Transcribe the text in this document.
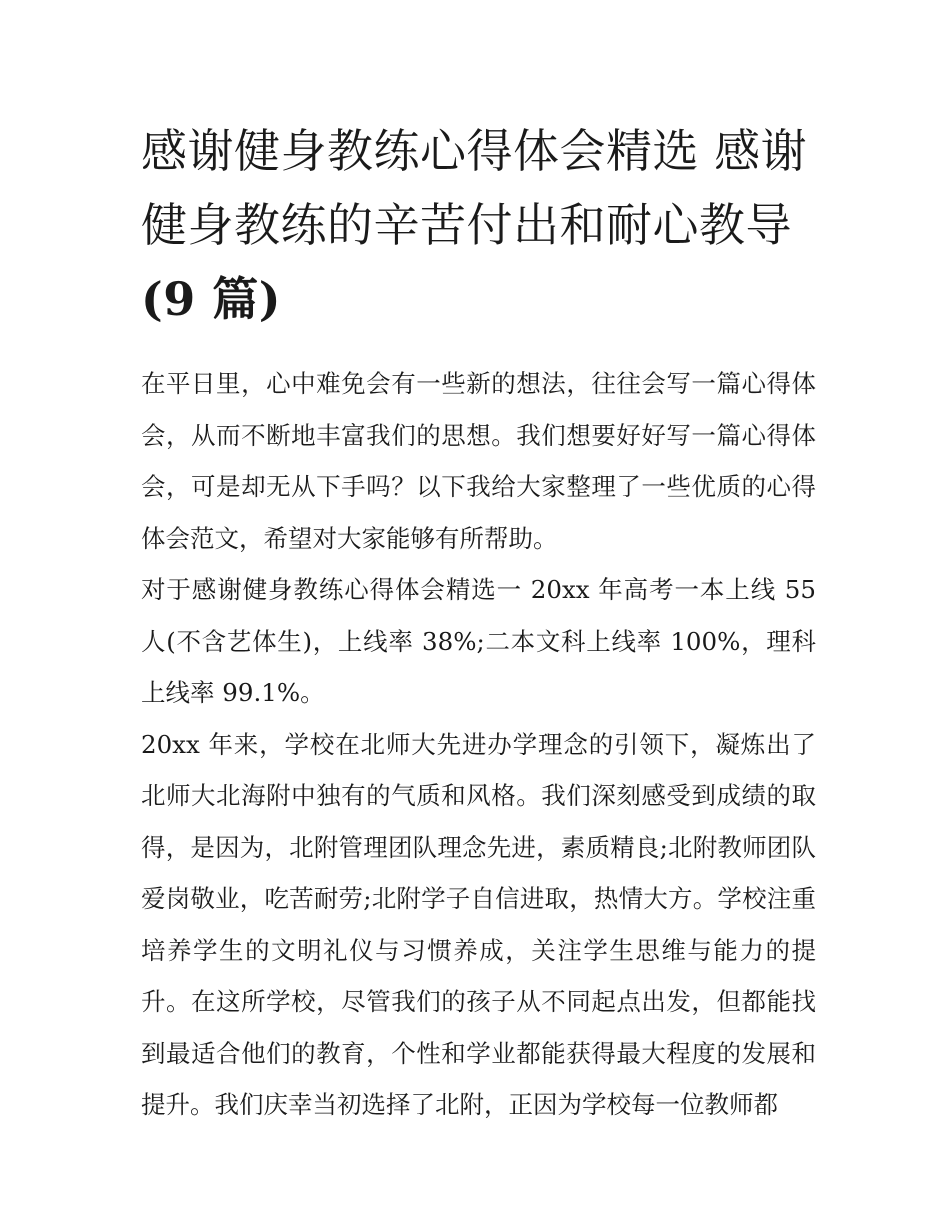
感谢健身教练心得体会精选 感谢健身教练的辛苦付出和耐心教导(9 篇)

在平日里，心中难免会有一些新的想法，往往会写一篇心得体会，从而不断地丰富我们的思想。我们想要好好写一篇心得体会，可是却无从下手吗？以下我给大家整理了一些优质的心得体会范文，希望对大家能够有所帮助。

对于感谢健身教练心得体会精选一 20xx 年高考一本上线 55 人(不含艺体生)，上线率 38%;二本文科上线率 100%，理科上线率 99.1%。

20xx 年来，学校在北师大先进办学理念的引领下，凝炼出了北师大北海附中独有的气质和风格。我们深刻感受到成绩的取得，是因为，北附管理团队理念先进，素质精良;北附教师团队爱岗敬业，吃苦耐劳;北附学子自信进取，热情大方。学校注重培养学生的文明礼仪与习惯养成，关注学生思维与能力的提升。在这所学校，尽管我们的孩子从不同起点出发，但都能找到最适合他们的教育，个性和学业都能获得最大程度的发展和提升。我们庆幸当初选择了北附，正因为学校每一位教师都
